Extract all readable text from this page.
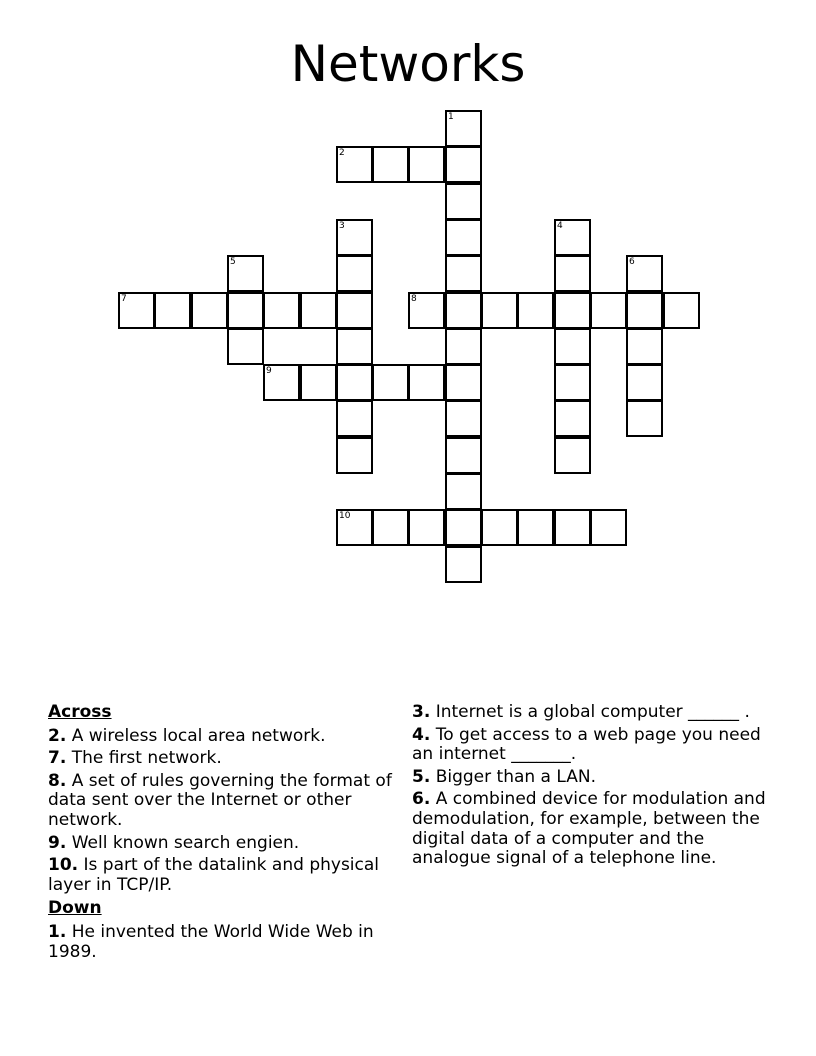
Networks
1
2
3	4
5	6
7	8
9
10
Across
2. A wireless local area network.
7. The first network.
8. A set of rules governing the format of data sent over the Internet or other network.
9. Well known search engien.
10. Is part of the datalink and physical layer in TCP/IP.
Down
1. He invented the World Wide Web in 1989.
3. Internet is a global computer ______ .
4. To get access to a web page you need an internet _______.
5. Bigger than a LAN.
6. A combined device for modulation and demodulation, for example, between the digital data of a computer and the analogue signal of a telephone line.
